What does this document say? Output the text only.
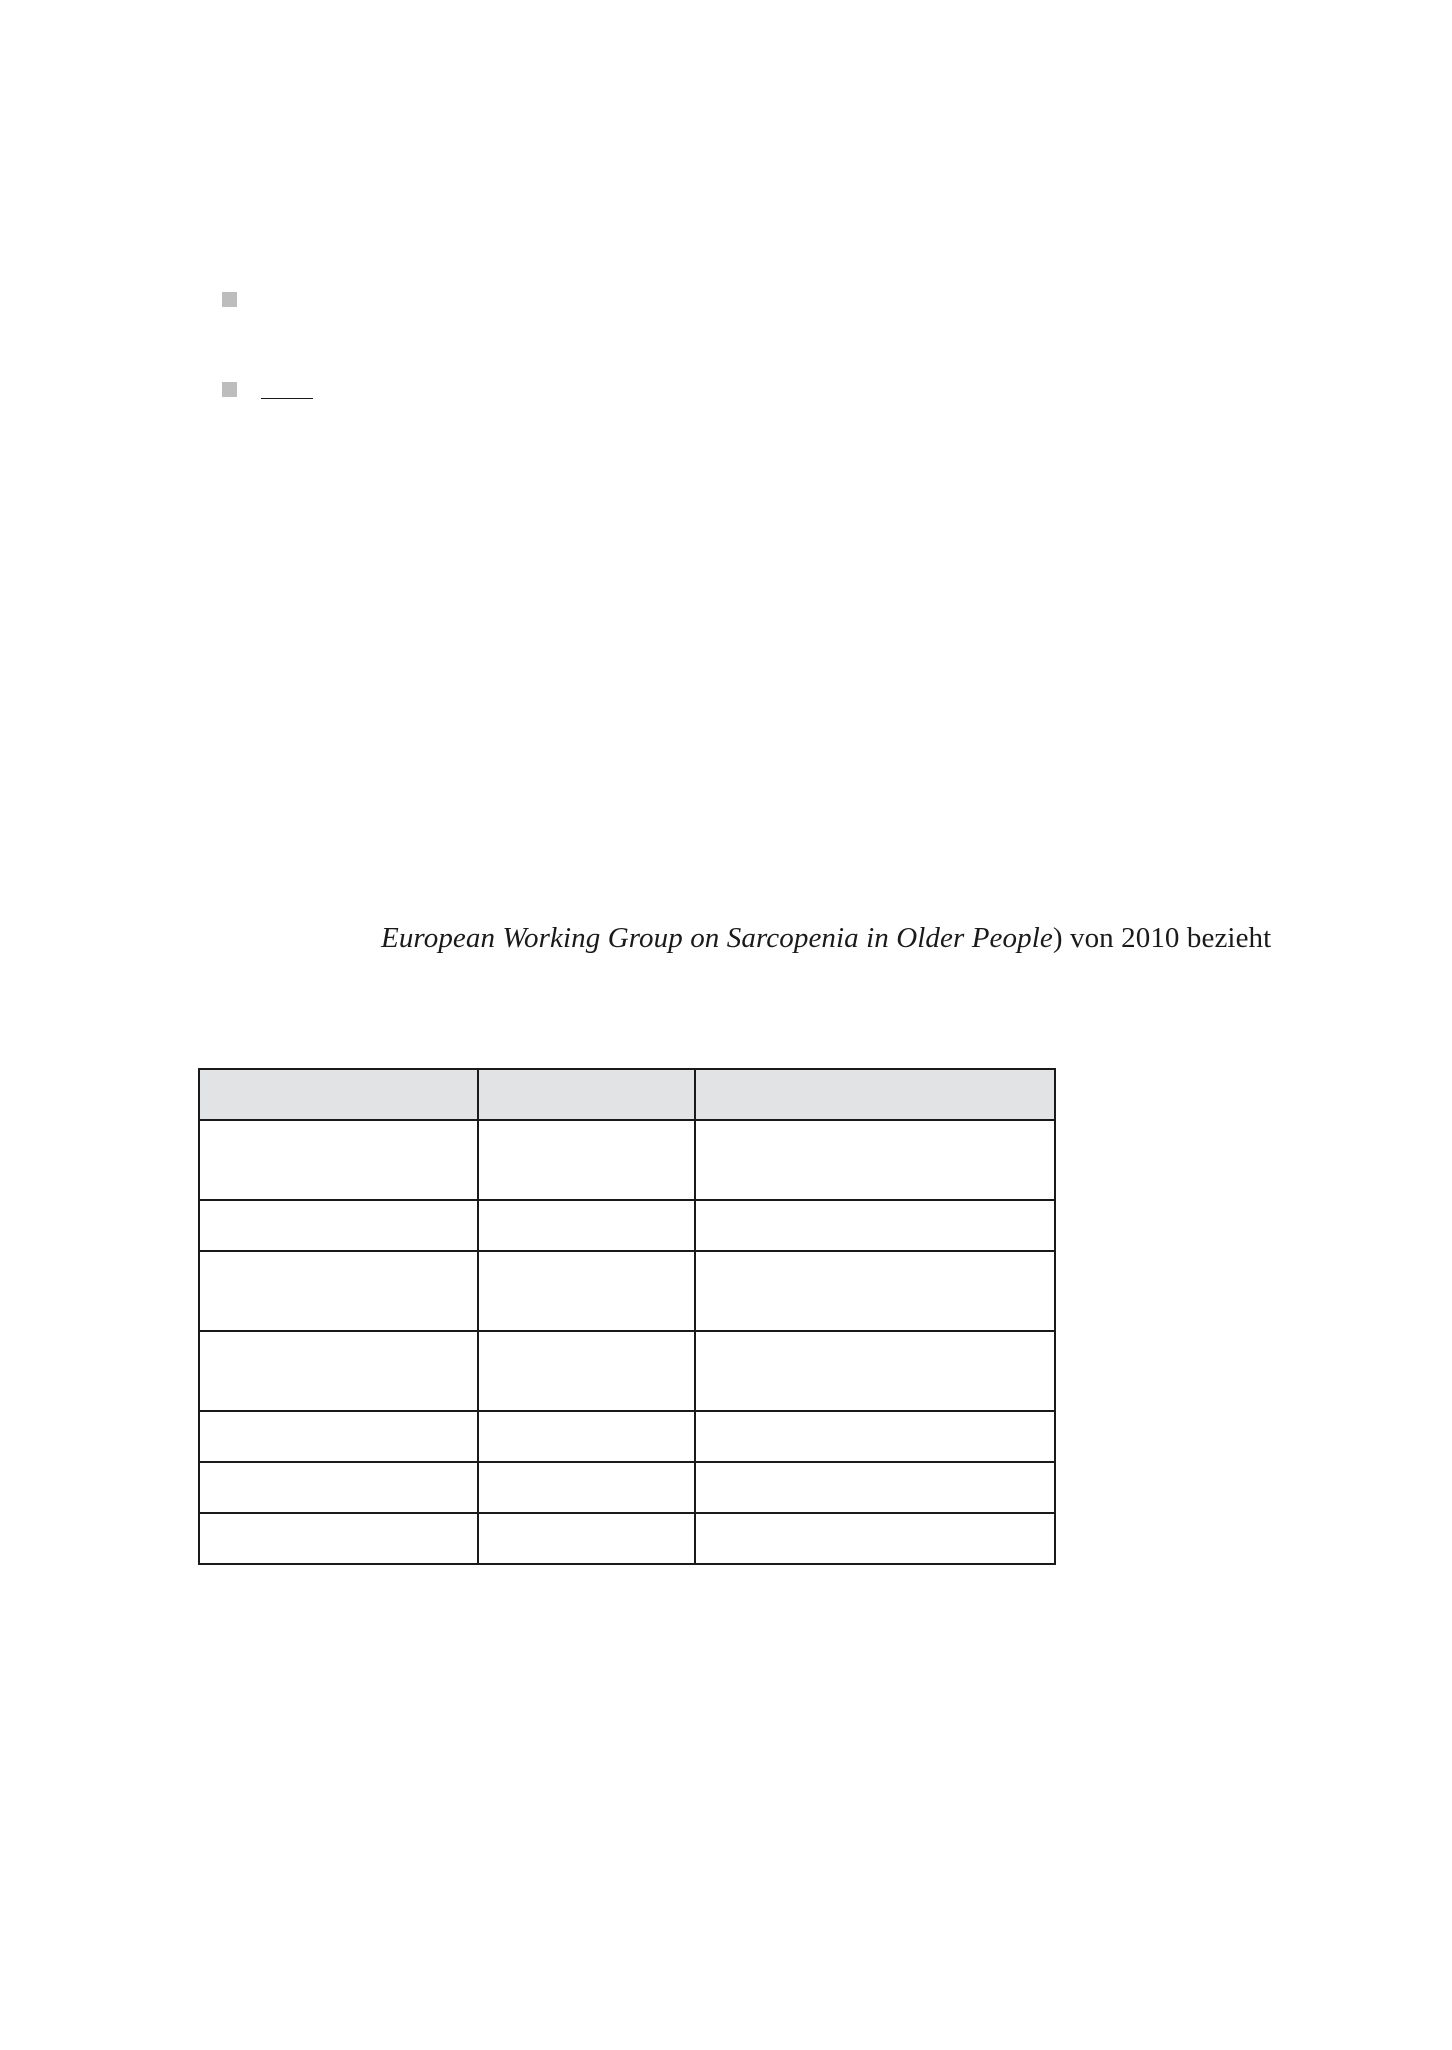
European Working Group on Sarcopenia in Older People) von 2010 bezieht
